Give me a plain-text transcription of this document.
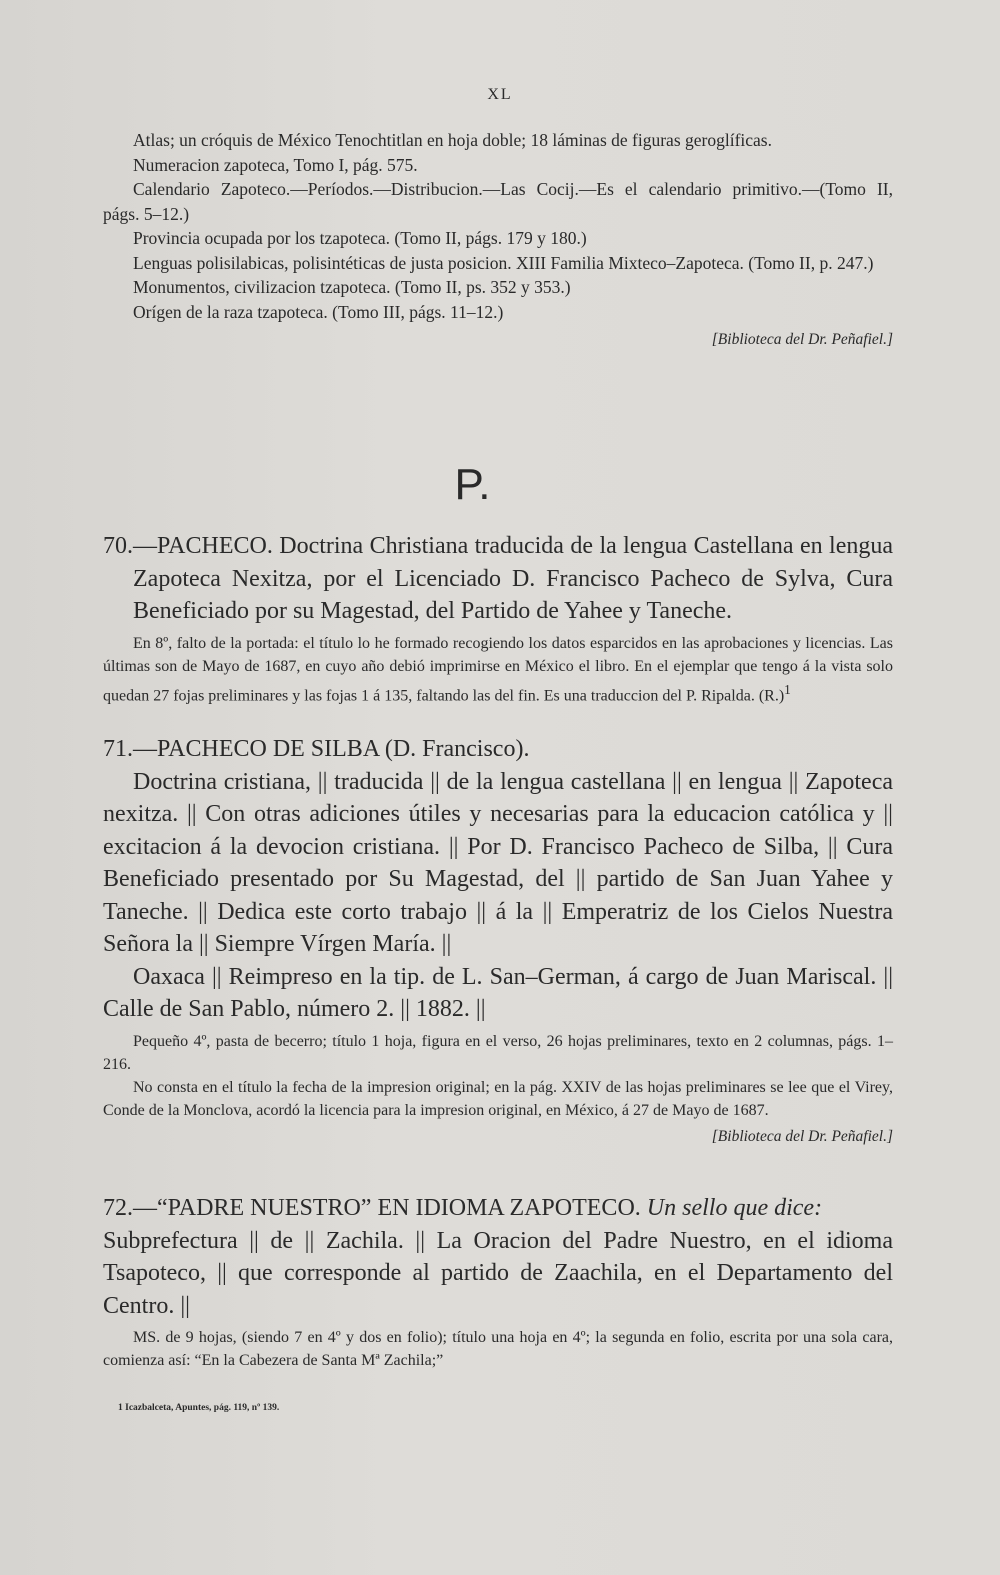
XL
Atlas; un cróquis de México Tenochtitlan en hoja doble; 18 láminas de figuras geroglíficas.
Numeracion zapoteca, Tomo I, pág. 575.
Calendario Zapoteco.—Períodos.—Distribucion.—Las Cocij.—Es el calendario primitivo.—(Tomo II, págs. 5–12.)
Provincia ocupada por los tzapoteca. (Tomo II, págs. 179 y 180.)
Lenguas polisilabicas, polisintéticas de justa posicion. XIII Familia Mixteco–Zapoteca. (Tomo II, p. 247.)
Monumentos, civilizacion tzapoteca. (Tomo II, ps. 352 y 353.)
Orígen de la raza tzapoteca. (Tomo III, págs. 11–12.)
[Biblioteca del Dr. Peñafiel.]
P.
70.—PACHECO. Doctrina Christiana traducida de la lengua Castellana en lengua Zapoteca Nexitza, por el Licenciado D. Francisco Pacheco de Sylva, Cura Beneficiado por su Magestad, del Partido de Yahee y Taneche.
En 8º, falto de la portada: el título lo he formado recogiendo los datos esparcidos en las aprobaciones y licencias. Las últimas son de Mayo de 1687, en cuyo año debió imprimirse en México el libro. En el ejemplar que tengo á la vista solo quedan 27 fojas preliminares y las fojas 1 á 135, faltando las del fin. Es una traduccion del P. Ripalda. $(R.)^1$
71.—PACHECO DE SILBA (D. Francisco).
Doctrina cristiana, || traducida || de la lengua castellana || en lengua || Zapoteca nexitza. || Con otras adiciones útiles y necesarias para la educacion católica y || excitacion á la devocion cristiana. || Por D. Francisco Pacheco de Silba, || Cura Beneficiado presentado por Su Magestad, del || partido de San Juan Yahee y Taneche. || Dedica este corto trabajo || á la || Emperatriz de los Cielos Nuestra Señora la || Siempre Vírgen María. ||
Oaxaca || Reimpreso en la tip. de L. San–German, á cargo de Juan Mariscal. || Calle de San Pablo, número 2. || 1882. ||
Pequeño 4º, pasta de becerro; título 1 hoja, figura en el verso, 26 hojas preliminares, texto en 2 columnas, págs. 1–216.
No consta en el título la fecha de la impresion original; en la pág. XXIV de las hojas preliminares se lee que el Virey, Conde de la Monclova, acordó la licencia para la impresion original, en México, á 27 de Mayo de 1687.
[Biblioteca del Dr. Peñafiel.]
72.—“PADRE NUESTRO” EN IDIOMA ZAPOTECO. Un sello que dice:
Subprefectura || de || Zachila. || La Oracion del Padre Nuestro, en el idioma Tsapoteco, || que corresponde al partido de Zaachila, en el Departamento del Centro. ||
MS. de 9 hojas, (siendo 7 en 4º y dos en folio); título una hoja en 4º; la segunda en folio, escrita por una sola cara, comienza así: “En la Cabezera de Santa Mª Zachila;”
1 Icazbalceta, Apuntes, pág. 119, nº 139.
